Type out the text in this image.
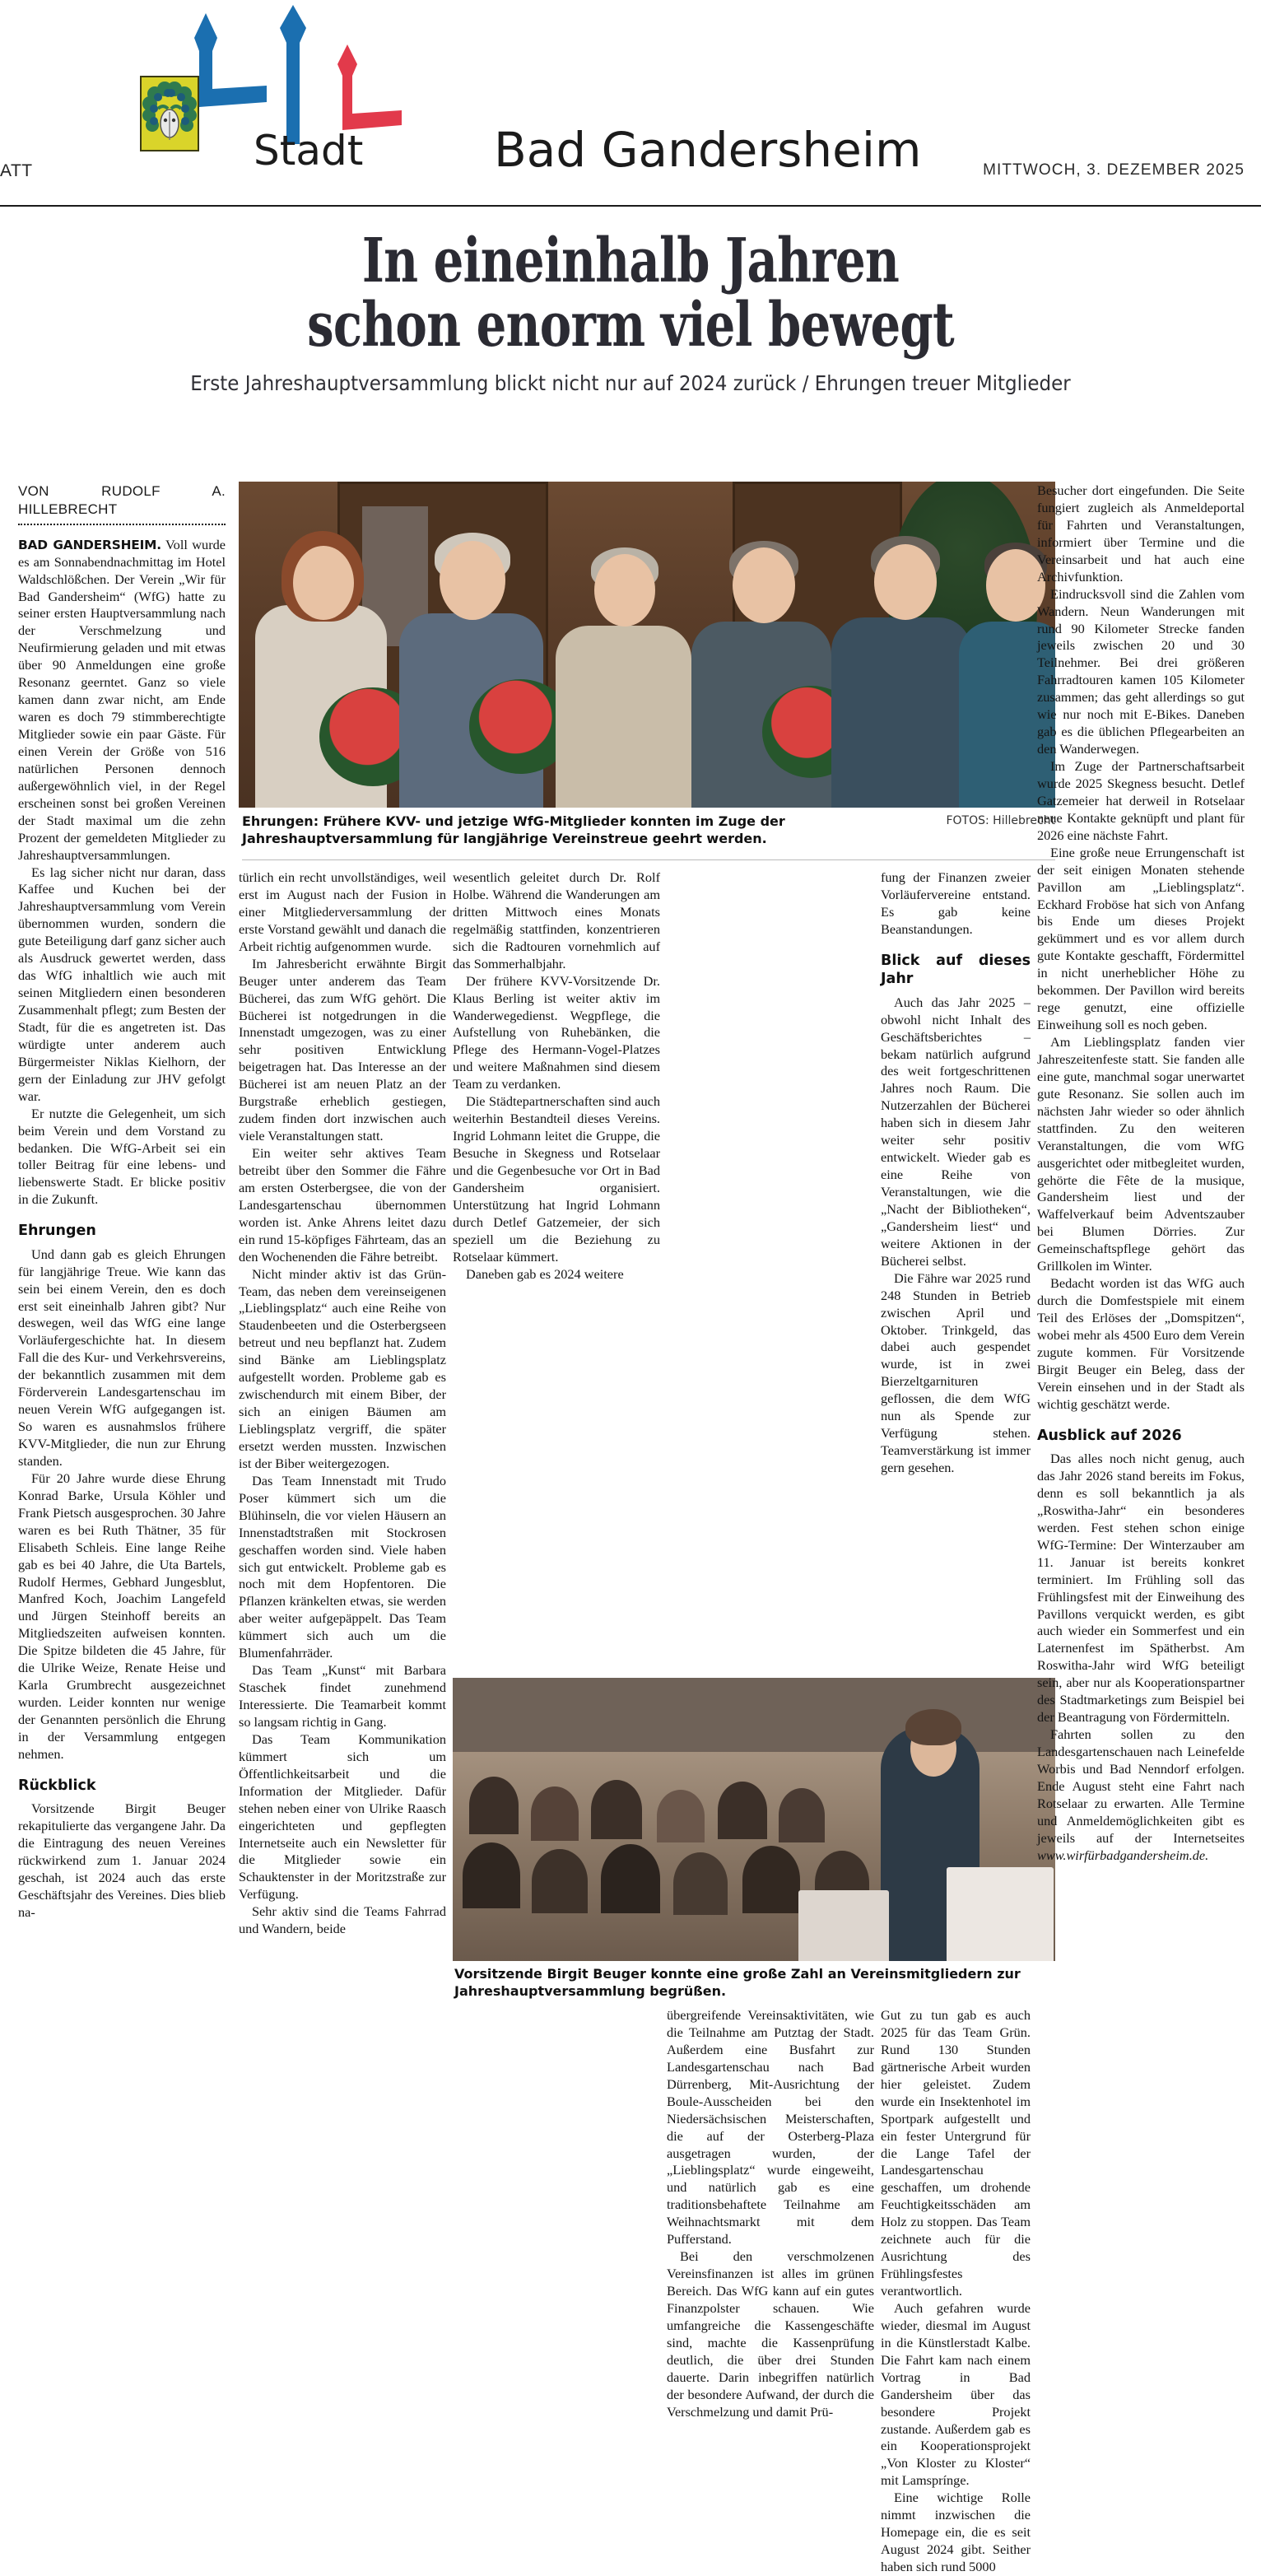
ATT	Stadt	Bad Gandersheim	MITTWOCH, 3. DEZEMBER 2025
In eineinhalb Jahren
schon enorm viel bewegt
Erste Jahreshauptversammlung blickt nicht nur auf 2024 zurück / Ehrungen treuer Mitglieder
FOTOS: Hillebrecht
Ehrungen: Frühere KVV- und jetzige WfG-Mitglieder konnten im Zuge der Jahreshauptversammlung für langjährige Vereinstreue geehrt werden.
Vorsitzende Birgit Beuger konnte eine große Zahl an Vereinsmitgliedern zur Jahreshauptversammlung begrüßen.

VON RUDOLF A. HILLEBRECHT

BAD GANDERSHEIM. Voll wurde es am Sonnabendnachmittag im Hotel Waldschlößchen. Der Verein „Wir für Bad Gandersheim“ (WfG) hatte zu seiner ersten Hauptversammlung nach der Verschmelzung und Neufirmierung geladen und mit etwas über 90 Anmeldungen eine große Resonanz geerntet. Ganz so viele kamen dann zwar nicht, am Ende waren es doch 79 stimmberechtigte Mitglieder sowie ein paar Gäste. Für einen Verein der Größe von 516 natürlichen Personen dennoch außergewöhnlich viel, in der Regel erscheinen sonst bei großen Vereinen der Stadt maximal um die zehn Prozent der gemeldeten Mitglieder zu Jahreshauptversammlungen.

Es lag sicher nicht nur daran, dass Kaffee und Kuchen bei der Jahreshauptversammlung vom Verein übernommen wurden, sondern die gute Beteiligung darf ganz sicher auch als Ausdruck gewertet werden, dass das WfG inhaltlich wie auch mit seinen Mitgliedern einen besonderen Zusammenhalt pflegt; zum Besten der Stadt, für die es angetreten ist. Das würdigte unter anderem auch Bürgermeister Niklas Kielhorn, der gern der Einladung zur JHV gefolgt war.

Er nutzte die Gelegenheit, um sich beim Verein und dem Vorstand zu bedanken. Die WfG-Arbeit sei ein toller Beitrag für eine lebens- und liebenswerte Stadt. Er blicke positiv in die Zukunft.

Ehrungen

Und dann gab es gleich Ehrungen für langjährige Treue. Wie kann das sein bei einem Verein, den es doch erst seit eineinhalb Jahren gibt? Nur deswegen, weil das WfG eine lange Vorläufergeschichte hat. In diesem Fall die des Kur- und Verkehrsvereins, der bekanntlich zusammen mit dem Förderverein Landesgartenschau im neuen Verein WfG aufgegangen ist. So waren es ausnahmslos frühere KVV-Mitglieder, die nun zur Ehrung standen.

Für 20 Jahre wurde diese Ehrung Konrad Barke, Ursula Köhler und Frank Pietsch ausgesprochen. 30 Jahre waren es bei Ruth Thätner, 35 für Elisabeth Schleis. Eine lange Reihe gab es bei 40 Jahre, die Uta Bartels, Rudolf Hermes, Gebhard Jungesblut, Manfred Koch, Joachim Langefeld und Jürgen Steinhoff bereits an Mitgliedszeiten aufweisen konnten. Die Spitze bildeten die 45 Jahre, für die Ulrike Weize, Renate Heise und Karla Grumbrecht ausgezeichnet wurden. Leider konnten nur wenige der Genannten persönlich die Ehrung in der Versammlung entgegen nehmen.

Rückblick

Vorsitzende Birgit Beuger rekapitulierte das vergangene Jahr. Da die Eintragung des neuen Vereines rückwirkend zum 1. Januar 2024 geschah, ist 2024 auch das erste Geschäftsjahr des Vereines. Dies blieb na-

türlich ein recht unvollständiges, weil erst im August nach der Fusion in einer Mitgliederversammlung der erste Vorstand gewählt und danach die Arbeit richtig aufgenommen wurde.

Im Jahresbericht erwähnte Birgit Beuger unter anderem das Team Bücherei, das zum WfG gehört. Die Bücherei ist notgedrungen in die Innenstadt umgezogen, was zu einer sehr positiven Entwicklung beigetragen hat. Das Interesse an der Bücherei ist am neuen Platz an der Burgstraße erheblich gestiegen, zudem finden dort inzwischen auch viele Veranstaltungen statt.

Ein weiter sehr aktives Team betreibt über den Sommer die Fähre am ersten Osterbergsee, die von der Landesgartenschau übernommen worden ist. Anke Ahrens leitet dazu ein rund 15-köpfiges Fährteam, das an den Wochenenden die Fähre betreibt.

Nicht minder aktiv ist das Grün-Team, das neben dem vereinseigenen „Lieblingsplatz“ auch eine Reihe von Staudenbeeten und die Osterbergseen betreut und neu bepflanzt hat. Zudem sind Bänke am Lieblingsplatz aufgestellt worden. Probleme gab es zwischendurch mit einem Biber, der sich an einigen Bäumen am Lieblingsplatz vergriff, die später ersetzt werden mussten. Inzwischen ist der Biber weitergezogen.

Das Team Innenstadt mit Trudo Poser kümmert sich um die Blühinseln, die vor vielen Häusern an Innenstadtstraßen mit Stockrosen geschaffen worden sind. Viele haben sich gut entwickelt. Probleme gab es noch mit dem Hopfentoren. Die Pflanzen kränkelten etwas, sie werden aber weiter aufgepäppelt. Das Team kümmert sich auch um die Blumenfahrräder.

Das Team „Kunst“ mit Barbara Staschek findet zunehmend Interessierte. Die Teamarbeit kommt so langsam richtig in Gang.

Das Team Kommunikation kümmert sich um Öffentlichkeitsarbeit und die Information der Mitglieder. Dafür stehen neben einer von Ulrike Raasch eingerichteten und gepflegten Internetseite auch ein Newsletter für die Mitglieder sowie ein Schauktenster in der Moritzstraße zur Verfügung.

Sehr aktiv sind die Teams Fahrrad und Wandern, beide

wesentlich geleitet durch Dr. Rolf Holbe. Während die Wanderungen am dritten Mittwoch eines Monats regelmäßig stattfinden, konzentrieren sich die Radtouren vornehmlich auf das Sommerhalbjahr.

Der frühere KVV-Vorsitzende Dr. Klaus Berling ist weiter aktiv im Wanderwegedienst. Wegpflege, die Aufstellung von Ruhebänken, die Pflege des Hermann-Vogel-Platzes und weitere Maßnahmen sind diesem Team zu verdanken.

Die Städtepartnerschaften sind auch weiterhin Bestandteil dieses Vereins. Ingrid Lohmann leitet die Gruppe, die Besuche in Skegness und Rotselaar und die Gegenbesuche vor Ort in Bad Gandersheim organisiert. Unterstützung hat Ingrid Lohmann durch Detlef Gatzemeier, der sich speziell um die Beziehung zu Rotselaar kümmert.

Daneben gab es 2024 weitere

übergreifende Vereinsaktivitäten, wie die Teilnahme am Putztag der Stadt. Außerdem eine Busfahrt zur Landesgartenschau nach Bad Dürrenberg, Mit-Ausrichtung der Boule-Ausscheiden bei den Niedersächsischen Meisterschaften, die auf der Osterberg-Plaza ausgetragen wurden, der „Lieblingsplatz“ wurde eingeweiht, und natürlich gab es eine traditionsbehaftete Teilnahme am Weihnachtsmarkt mit dem Pufferstand.

Bei den verschmolzenen Vereinsfinanzen ist alles im grünen Bereich. Das WfG kann auf ein gutes Finanzpolster schauen. Wie umfangreiche die Kassengeschäfte sind, machte die Kassenprüfung deutlich, die über drei Stunden dauerte. Darin inbegriffen natürlich der besondere Aufwand, der durch die Verschmelzung und damit Prü-

fung der Finanzen zweier Vorläufervereine entstand. Es gab keine Beanstandungen.

Blick auf dieses Jahr

Auch das Jahr 2025 – obwohl nicht Inhalt des Geschäftsberichtes – bekam natürlich aufgrund des weit fortgeschrittenen Jahres noch Raum. Die Nutzerzahlen der Bücherei haben sich in diesem Jahr weiter sehr positiv entwickelt. Wieder gab es eine Reihe von Veranstaltungen, wie die „Nacht der Bibliotheken“, „Gandersheim liest“ und weitere Aktionen in der Bücherei selbst.

Die Fähre war 2025 rund 248 Stunden in Betrieb zwischen April und Oktober. Trinkgeld, das dabei auch gespendet wurde, ist in zwei Bierzeltgarnituren geflossen, die dem WfG nun als Spende zur Verfügung stehen. Teamverstärkung ist immer gern gesehen.

Gut zu tun gab es auch 2025 für das Team Grün. Rund 130 Stunden gärtnerische Arbeit wurden hier geleistet. Zudem wurde ein Insektenhotel im Sportpark aufgestellt und ein fester Untergrund für die Lange Tafel der Landesgartenschau geschaffen, um drohende Feuchtigkeitsschäden am Holz zu stoppen. Das Team zeichnete auch für die Ausrichtung des Frühlingsfestes verantwortlich.

Auch gefahren wurde wieder, diesmal im August in die Künstlerstadt Kalbe. Die Fahrt kam nach einem Vortrag in Bad Gandersheim über das besondere Projekt zustande. Außerdem gab es ein Kooperationsprojekt „Von Kloster zu Kloster“ mit Lamsprínge.

Eine wichtige Rolle nimmt inzwischen die Homepage ein, die es seit August 2024 gibt. Seither haben sich rund 5000

Besucher dort eingefunden. Die Seite fungiert zugleich als Anmeldeportal für Fahrten und Veranstaltungen, informiert über Termine und die Vereinsarbeit und hat auch eine Archivfunktion.

Eindrucksvoll sind die Zahlen vom Wandern. Neun Wanderungen mit rund 90 Kilometer Strecke fanden jeweils zwischen 20 und 30 Teilnehmer. Bei drei größeren Fahrradtouren kamen 105 Kilometer zusammen; das geht allerdings so gut wie nur noch mit E-Bikes. Daneben gab es die üblichen Pflegearbeiten an den Wanderwegen.

Im Zuge der Partnerschaftsarbeit wurde 2025 Skegness besucht. Detlef Gatzemeier hat derweil in Rotselaar neue Kontakte geknüpft und plant für 2026 eine nächste Fahrt.

Eine große neue Errungenschaft ist der seit einigen Monaten stehende Pavillon am „Lieblingsplatz“. Eckhard Froböse hat sich von Anfang bis Ende um dieses Projekt gekümmert und es vor allem durch gute Kontakte geschafft, Fördermittel in nicht unerheblicher Höhe zu bekommen. Der Pavillon wird bereits rege genutzt, eine offizielle Einweihung soll es noch geben.

Am Lieblingsplatz fanden vier Jahreszeitenfeste statt. Sie fanden alle eine gute, manchmal sogar unerwartet gute Resonanz. Sie sollen auch im nächsten Jahr wieder so oder ähnlich stattfinden. Zu den weiteren Veranstaltungen, die vom WfG ausgerichtet oder mitbegleitet wurden, gehörte die Fête de la musique, Gandersheim liest und der Waffelverkauf beim Adventszauber bei Blumen Dörries. Zur Gemeinschaftspflege gehört das Grillkolen im Winter.

Bedacht worden ist das WfG auch durch die Domfestspiele mit einem Teil des Erlöses der „Domspitzen“, wobei mehr als 4500 Euro dem Verein zugute kommen. Für Vorsitzende Birgit Beuger ein Beleg, dass der Verein einsehen und in der Stadt als wichtig geschätzt werde.

Ausblick auf 2026

Das alles noch nicht genug, auch das Jahr 2026 stand bereits im Fokus, denn es soll bekanntlich ja als „Roswitha-Jahr“ ein besonderes werden. Fest stehen schon einige WfG-Termine: Der Winterzauber am 11. Januar ist bereits konkret terminiert. Im Frühling soll das Frühlingsfest mit der Einweihung des Pavillons verquickt werden, es gibt auch wieder ein Sommerfest und ein Laternenfest im Spätherbst. Am Roswitha-Jahr wird WfG beteiligt sein, aber nur als Kooperationspartner des Stadtmarketings zum Beispiel bei der Beantragung von Fördermitteln.

Fahrten sollen zu den Landesgartenschauen nach Leinefelde Worbis und Bad Nenndorf erfolgen. Ende August steht eine Fahrt nach Rotselaar zu erwarten. Alle Termine und Anmeldemöglichkeiten gibt es jeweils auf der Internetseites www.wirfürbadgandersheim.de.
